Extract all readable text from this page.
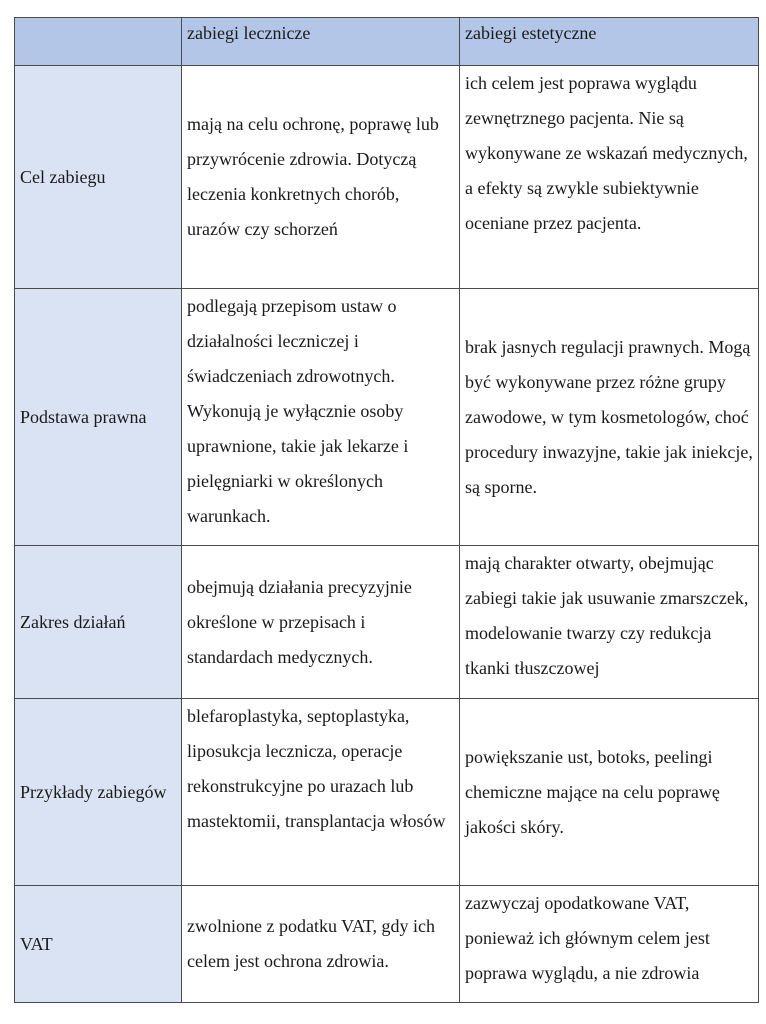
	zabiegi lecznicze	zabiegi estetyczne
Cel zabiegu	mają na celu ochronę, poprawę lub przywrócenie zdrowia. Dotyczą leczenia konkretnych chorób, urazów czy schorzeń	ich celem jest poprawa wyglądu zewnętrznego pacjenta. Nie są wykonywane ze wskazań medycznych, a efekty są zwykle subiektywnie oceniane przez pacjenta.
Podstawa prawna	podlegają przepisom ustaw o działalności leczniczej i świadczeniach zdrowotnych. Wykonują je wyłącznie osoby uprawnione, takie jak lekarze i pielęgniarki w określonych warunkach.	brak jasnych regulacji prawnych. Mogą być wykonywane przez różne grupy zawodowe, w tym kosmetologów, choć procedury inwazyjne, takie jak iniekcje, są sporne.
Zakres działań	obejmują działania precyzyjnie określone w przepisach i standardach medycznych.	mają charakter otwarty, obejmując zabiegi takie jak usuwanie zmarszczek, modelowanie twarzy czy redukcja tkanki tłuszczowej
Przykłady zabiegów	blefaroplastyka, septoplastyka, liposukcja lecznicza, operacje rekonstrukcyjne po urazach lub mastektomii, transplantacja włosów	powiększanie ust, botoks, peelingi chemiczne mające na celu poprawę jakości skóry.
VAT	zwolnione z podatku VAT, gdy ich celem jest ochrona zdrowia.	zazwyczaj opodatkowane VAT, ponieważ ich głównym celem jest poprawa wyglądu, a nie zdrowia
